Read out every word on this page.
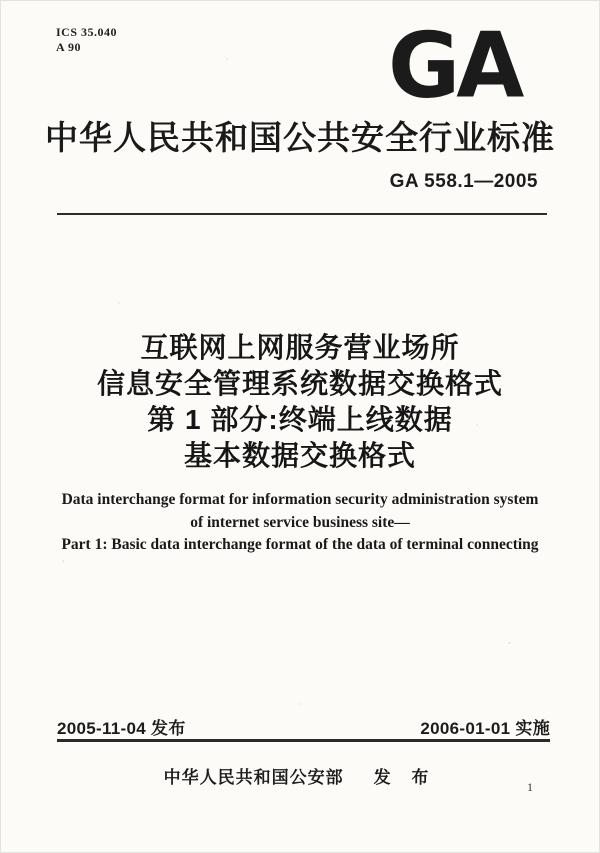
ICS 35.040
A 90	GA
中华人民共和国公共安全行业标准
GA 558.1—2005
互联网上网服务营业场所
信息安全管理系统数据交换格式
第 1 部分:终端上线数据
基本数据交换格式
Data interchange format for information security administration system
of internet service business site—
Part 1: Basic data interchange format of the data of terminal connecting
2005-11-04 发布	2006-01-01 实施
中华人民共和国公安部 发 布	1
